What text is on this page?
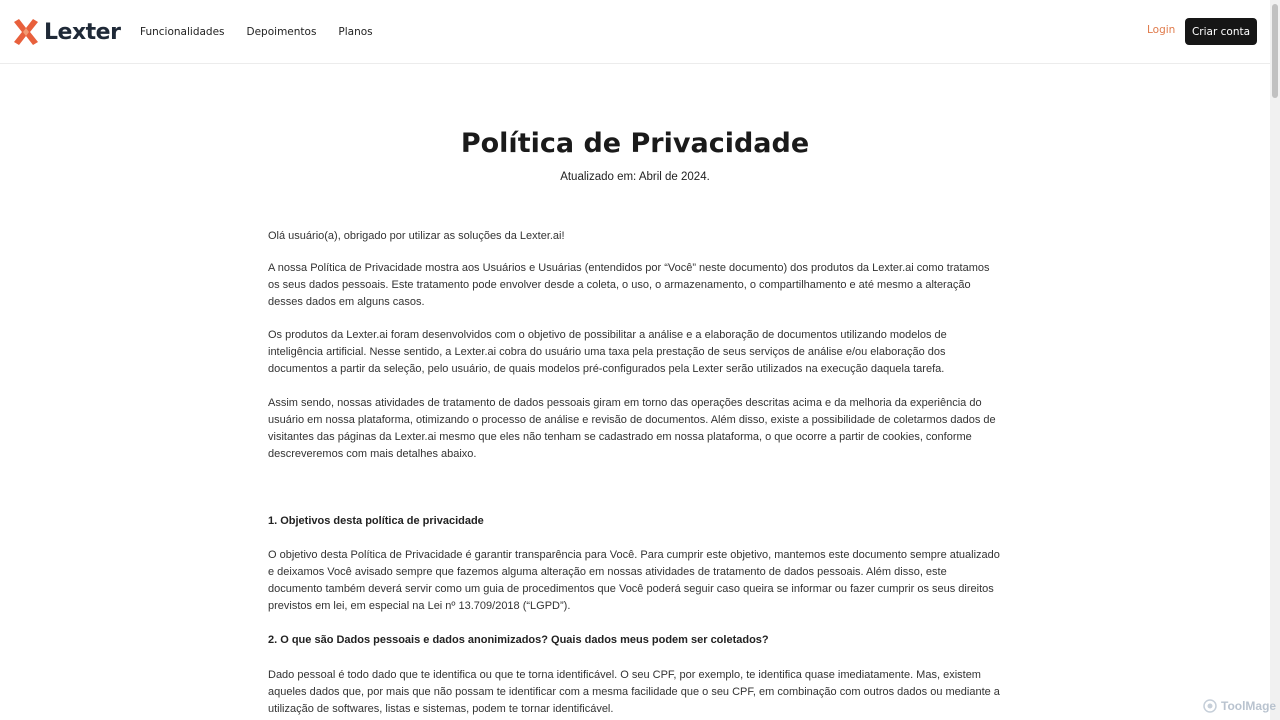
Lexter Funcionalidades Depoimentos Planos	Login	Criar conta
Política de Privacidade

Atualizado em: Abril de 2024.

Olá usuário(a), obrigado por utilizar as soluções da Lexter.ai!

A nossa Política de Privacidade mostra aos Usuários e Usuárias (entendidos por “Você” neste documento) dos produtos da Lexter.ai como tratamos os seus dados pessoais. Este tratamento pode envolver desde a coleta, o uso, o armazenamento, o compartilhamento e até mesmo a alteração desses dados em alguns casos.

Os produtos da Lexter.ai foram desenvolvidos com o objetivo de possibilitar a análise e a elaboração de documentos utilizando modelos de inteligência artificial. Nesse sentido, a Lexter.ai cobra do usuário uma taxa pela prestação de seus serviços de análise e/ou elaboração dos documentos a partir da seleção, pelo usuário, de quais modelos pré-configurados pela Lexter serão utilizados na execução daquela tarefa.

Assim sendo, nossas atividades de tratamento de dados pessoais giram em torno das operações descritas acima e da melhoria da experiência do usuário em nossa plataforma, otimizando o processo de análise e revisão de documentos. Além disso, existe a possibilidade de coletarmos dados de visitantes das páginas da Lexter.ai mesmo que eles não tenham se cadastrado em nossa plataforma, o que ocorre a partir de cookies, conforme descreveremos com mais detalhes abaixo.

1. Objetivos desta política de privacidade

O objetivo desta Política de Privacidade é garantir transparência para Você. Para cumprir este objetivo, mantemos este documento sempre atualizado e deixamos Você avisado sempre que fazemos alguma alteração em nossas atividades de tratamento de dados pessoais. Além disso, este documento também deverá servir como um guia de procedimentos que Você poderá seguir caso queira se informar ou fazer cumprir os seus direitos previstos em lei, em especial na Lei nº 13.709/2018 (“LGPD”).

2. O que são Dados pessoais e dados anonimizados? Quais dados meus podem ser coletados?

Dado pessoal é todo dado que te identifica ou que te torna identificável. O seu CPF, por exemplo, te identifica quase imediatamente. Mas, existem aqueles dados que, por mais que não possam te identificar com a mesma facilidade que o seu CPF, em combinação com outros dados ou mediante a utilização de softwares, listas e sistemas, podem te tornar identificável.	ToolMage
